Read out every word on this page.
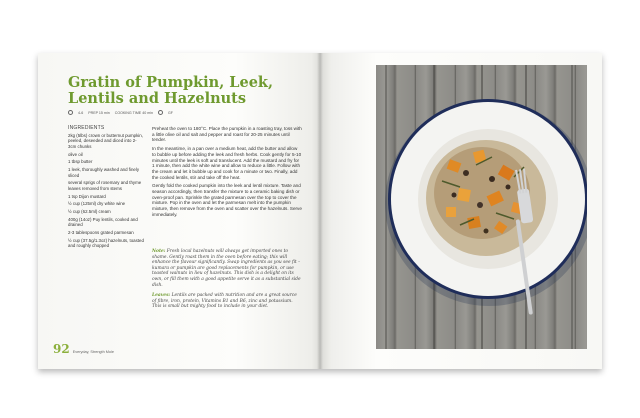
Gratin of Pumpkin, Leek, Lentils and Hazelnuts
4-6 PREP 15 min COOKING TIME 40 min	GF
INGREDIENTS
2kg (5lbs) crown or butternut pumpkin, peeled, deseeded and diced into 2-3cm chunks
olive oil
1 tbsp butter
1 leek, thoroughly washed and finely sliced
several sprigs of rosemary and thyme leaves removed from stems
1 tsp Dijon mustard
½ cup (125ml) dry white wine
½ cup (62.5ml) cream
400g (14oz) Puy lentils, cooked and drained
2-3 tablespoons grated parmesan
½ cup (37.5g/1.3oz) hazelnuts, toasted and roughly chopped

Preheat the oven to 180°C. Place the pumpkin in a roasting tray, toss with a little olive oil and salt and pepper and roast for 20-25 minutes until tender.

In the meantime, in a pan over a medium heat, add the butter and allow to bubble up before adding the leek and fresh herbs. Cook gently for 5-10 minutes until the leek is soft and translucent. Add the mustard and fry for 1 minute, then add the white wine and allow to reduce a little. Follow with the cream and let it bubble up and cook for a minute or two. Finally, add the cooked lentils, stir and take off the heat.

Gently fold the cooked pumpkin into the leek and lentil mixture. Taste and season accordingly, then transfer the mixture to a ceramic baking dish or oven-proof pan. Sprinkle the grated parmesan over the top to cover the mixture. Pop in the oven and let the parmesan melt into the pumpkin mixture, then remove from the oven and scatter over the hazelnuts. Serve immediately.

Note: Fresh local hazelnuts will always get imported ones to shame. Gently roast them in the oven before eating; this will enhance the flavour significantly. Swap ingredients as you see fit – kumara or pumpkin are good replacements for pumpkin, or use toasted walnuts in lieu of hazelnuts. This dish is a delight on its own, or fill them with a good appetite serve it as a substantial side dish.

Leaves: Lentils are packed with nutrition and are a great source of fibre, iron, protein, Vitamins B1 and B6, zinc and potassium. This is small but mighty food to include in your diet.

92 Everyday, Strength Mole
